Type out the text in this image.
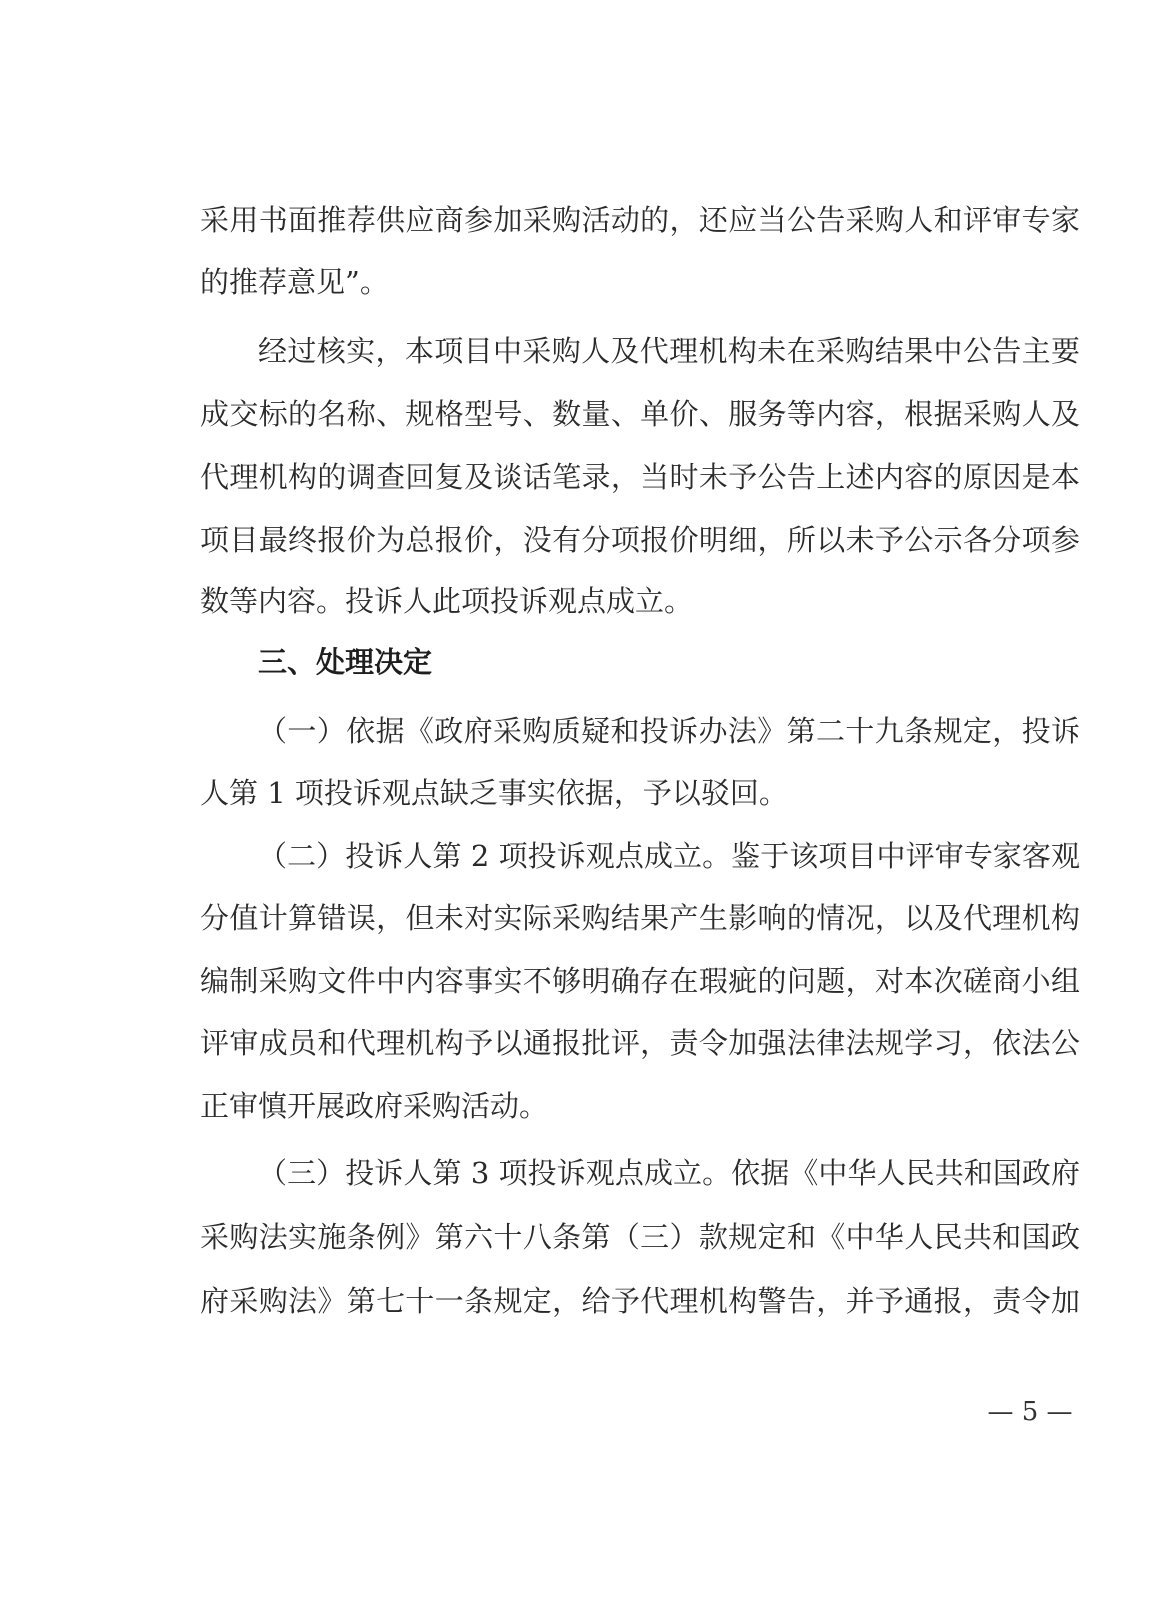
采用书面推荐供应商参加采购活动的，还应当公告采购人和评审专家

的推荐意见”。

经过核实，本项目中采购人及代理机构未在采购结果中公告主要

成交标的名称、规格型号、数量、单价、服务等内容，根据采购人及

代理机构的调查回复及谈话笔录，当时未予公告上述内容的原因是本

项目最终报价为总报价，没有分项报价明细，所以未予公示各分项参

数等内容。投诉人此项投诉观点成立。

三、处理决定

（一）依据《政府采购质疑和投诉办法》第二十九条规定，投诉

人第 1 项投诉观点缺乏事实依据，予以驳回。

（二）投诉人第 2 项投诉观点成立。鉴于该项目中评审专家客观

分值计算错误，但未对实际采购结果产生影响的情况，以及代理机构

编制采购文件中内容事实不够明确存在瑕疵的问题，对本次磋商小组

评审成员和代理机构予以通报批评，责令加强法律法规学习，依法公

正审慎开展政府采购活动。

（三）投诉人第 3 项投诉观点成立。依据《中华人民共和国政府

采购法实施条例》第六十八条第（三）款规定和《中华人民共和国政

府采购法》第七十一条规定，给予代理机构警告，并予通报，责令加

— 5 —
